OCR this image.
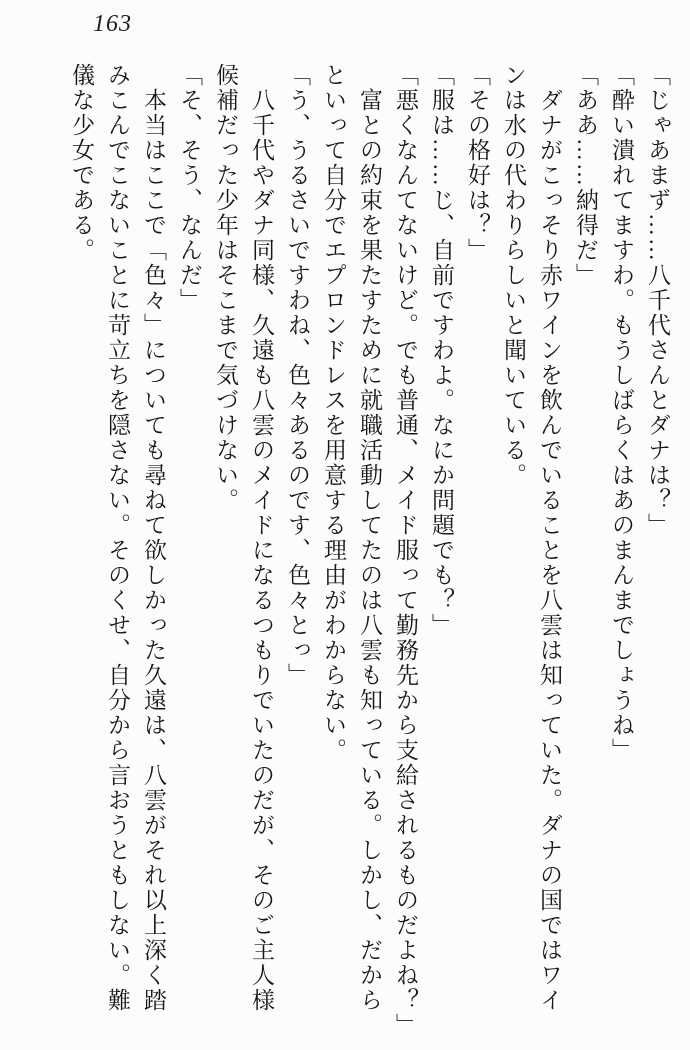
163
「じゃあまず……八千代さんとダナは？」
「酔い潰れてますわ。もうしばらくはあのまんまでしょうね」
「ああ……納得だ」
　ダナがこっそり赤ワインを飲んでいることを八雲は知っていた。ダナの国ではワイ
ンは水の代わりらしいと聞いている。
「その格好は？」
「服は……じ、自前ですわよ。なにか問題でも？」
「悪くなんてないけど。でも普通、メイド服って勤務先から支給されるものだよね？」
　富との約束を果たすために就職活動してたのは八雲も知っている。しかし、だから
といって自分でエプロンドレスを用意する理由がわからない。
「う、うるさいですわね、色々あるのです、色々とっ」
　八千代やダナ同様、久遠も八雲のメイドになるつもりでいたのだが、そのご主人様
候補だった少年はそこまで気づけない。
「そ、そう、なんだ」
　本当はここで「色々」についても尋ねて欲しかった久遠は、八雲がそれ以上深く踏
みこんでこないことに苛立ちを隠さない。そのくせ、自分から言おうともしない。難
儀な少女である。
